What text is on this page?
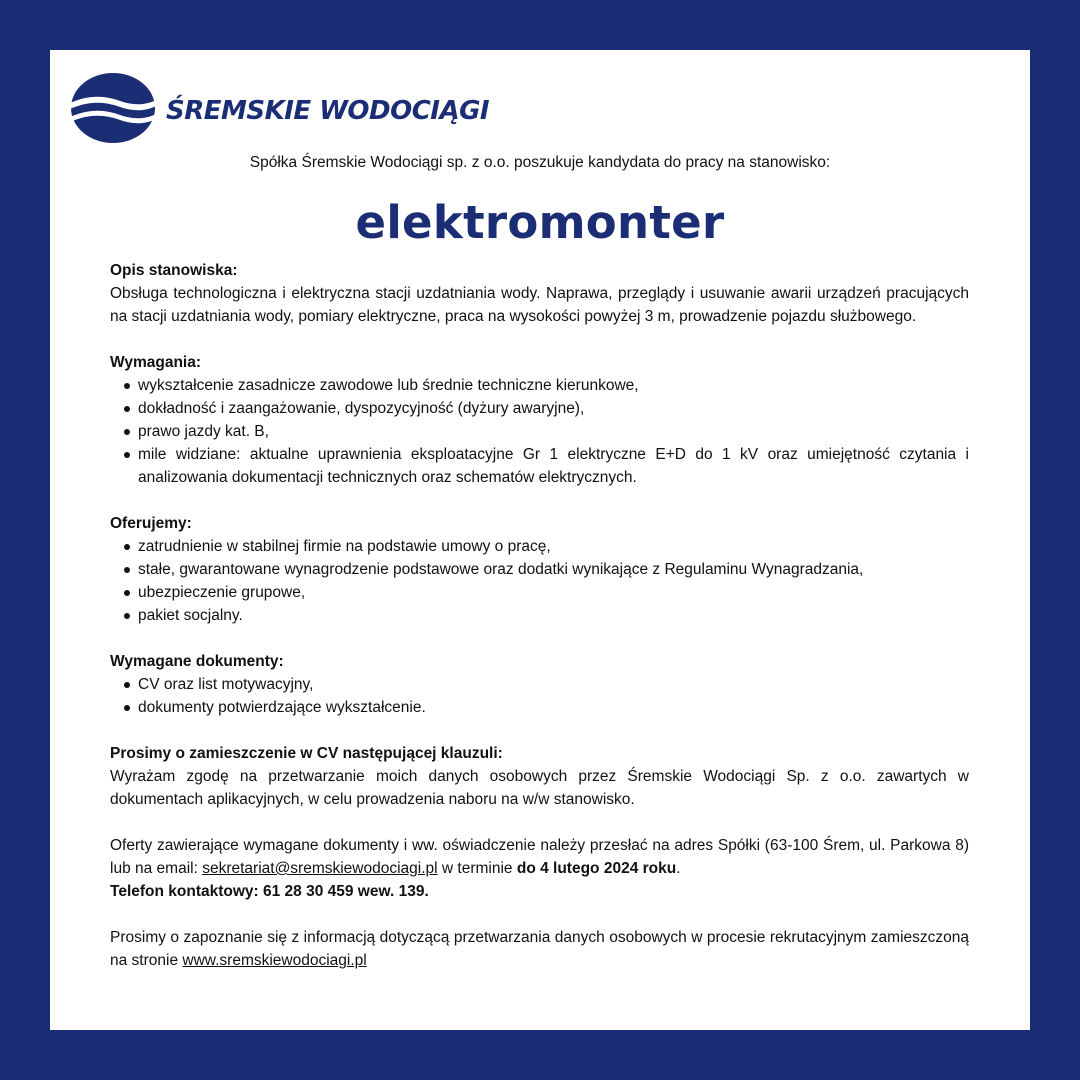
ŚREMSKIE WODOCIĄGI
Spółka Śremskie Wodociągi sp. z o.o. poszukuje kandydata do pracy na stanowisko:
elektromonter

Opis stanowiska:

Obsługa technologiczna i elektryczna stacji uzdatniania wody. Naprawa, przeglądy i usuwanie awarii urządzeń pracujących na stacji uzdatniania wody, pomiary elektryczne, praca na wysokości powyżej 3 m, prowadzenie pojazdu służbowego.

Wymagania:

wykształcenie zasadnicze zawodowe lub średnie techniczne kierunkowe,
dokładność i zaangażowanie, dyspozycyjność (dyżury awaryjne),
prawo jazdy kat. B,
mile widziane: aktualne uprawnienia eksploatacyjne Gr 1 elektryczne E+D do 1 kV oraz umiejętność czytania i analizowania dokumentacji technicznych oraz schematów elektrycznych.

Oferujemy:

zatrudnienie w stabilnej firmie na podstawie umowy o pracę,
stałe, gwarantowane wynagrodzenie podstawowe oraz dodatki wynikające z Regulaminu Wynagradzania,
ubezpieczenie grupowe,
pakiet socjalny.

Wymagane dokumenty:

CV oraz list motywacyjny,
dokumenty potwierdzające wykształcenie.

Prosimy o zamieszczenie w CV następującej klauzuli:

Wyrażam zgodę na przetwarzanie moich danych osobowych przez Śremskie Wodociągi Sp. z o.o. zawartych w dokumentach aplikacyjnych, w celu prowadzenia naboru na w/w stanowisko.

Oferty zawierające wymagane dokumenty i ww. oświadczenie należy przesłać na adres Spółki (63-100 Śrem, ul. Parkowa 8) lub na email: sekretariat@sremskiewodociagi.pl w terminie do 4 lutego 2024 roku.

Telefon kontaktowy: 61 28 30 459 wew. 139.

Prosimy o zapoznanie się z informacją dotyczącą przetwarzania danych osobowych w procesie rekrutacyjnym zamieszczoną na stronie www.sremskiewodociagi.pl
